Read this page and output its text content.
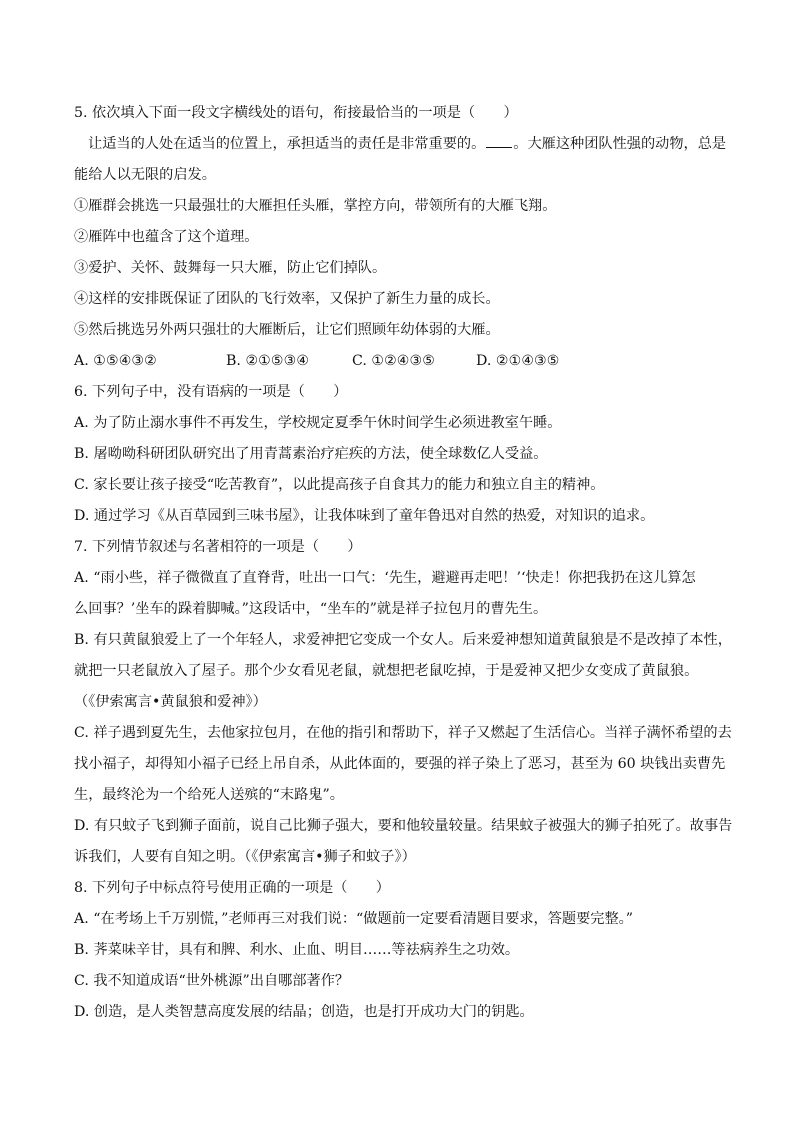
5. 依次填入下面一段文字横线处的语句，衔接最恰当的一项是（　　）
让适当的人处在适当的位置上，承担适当的责任是非常重要的。 。大雁这种团队性强的动物，总是
能给人以无限的启发。
①雁群会挑选一只最强壮的大雁担任头雁，掌控方向，带领所有的大雁飞翔。
②雁阵中也蕴含了这个道理。
③爱护、关怀、鼓舞每一只大雁，防止它们掉队。
④这样的安排既保证了团队的飞行效率，又保护了新生力量的成长。
⑤然后挑选另外两只强壮的大雁断后，让它们照顾年幼体弱的大雁。
A. ①⑤④③②	B. ②①⑤③④	C. ①②④③⑤	D. ②①④③⑤
6. 下列句子中，没有语病的一项是（　　）
A. 为了防止溺水事件不再发生，学校规定夏季午休时间学生必须进教室午睡。
B. 屠呦呦科研团队研究出了用青蒿素治疗疟疾的方法，使全球数亿人受益。
C. 家长要让孩子接受“吃苦教育”，以此提高孩子自食其力的能力和独立自主的精神。
D. 通过学习《从百草园到三味书屋》，让我体味到了童年鲁迅对自然的热爱，对知识的追求。
7. 下列情节叙述与名著相符的一项是（　　）
A. “雨小些，祥子微微直了直脊背，吐出一口气：‘先生，避避再走吧！’‘快走！你把我扔在这儿算怎
么回事？’坐车的跺着脚喊。”这段话中，“坐车的”就是祥子拉包月的曹先生。
B. 有只黄鼠狼爱上了一个年轻人，求爱神把它变成一个女人。后来爱神想知道黄鼠狼是不是改掉了本性，
就把一只老鼠放入了屋子。那个少女看见老鼠，就想把老鼠吃掉，于是爱神又把少女变成了黄鼠狼。
（《伊索寓言•黄鼠狼和爱神》）
C. 祥子遇到夏先生，去他家拉包月，在他的指引和帮助下，祥子又燃起了生活信心。当祥子满怀希望的去
找小福子，却得知小福子已经上吊自杀，从此体面的，要强的祥子染上了恶习，甚至为 60 块钱出卖曹先
生，最终沦为一个给死人送殡的“末路鬼”。
D. 有只蚊子飞到狮子面前，说自己比狮子强大，要和他较量较量。结果蚊子被强大的狮子拍死了。故事告
诉我们，人要有自知之明。（《伊索寓言•狮子和蚊子》）
8. 下列句子中标点符号使用正确的一项是（　　）
A. “在考场上千万别慌，”老师再三对我们说：“做题前一定要看清题目要求，答题要完整。”
B. 荠菜味辛甘，具有和脾、利水、止血、明目……等祛病养生之功效。
C. 我不知道成语“世外桃源”出自哪部著作？
D. 创造，是人类智慧高度发展的结晶；创造，也是打开成功大门的钥匙。
